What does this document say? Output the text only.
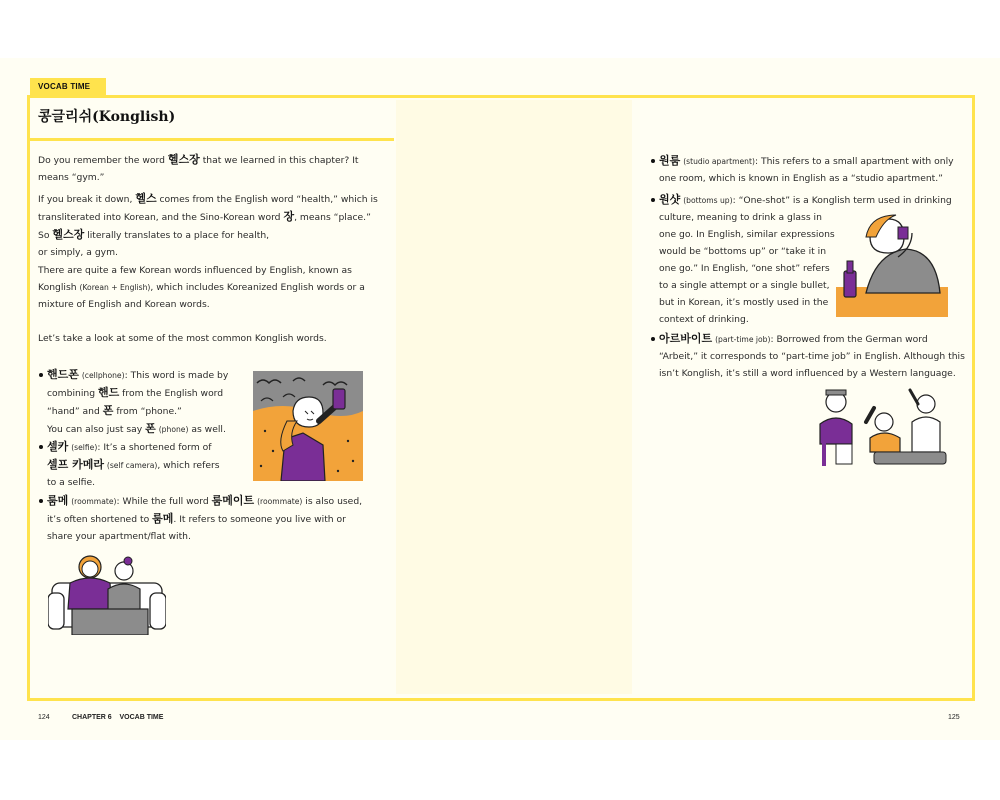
VOCAB TIME
콩글리쉬(Konglish)

Do you remember the word 헬스장 that we learned in this chapter? It
means “gym.”

If you break it down, 헬스 comes from the English word “health,” which is
transliterated into Korean, and the Sino-Korean word 장, means “place.”
So 헬스장 literally translates to a place for health,
or simply, a gym.

There are quite a few Korean words influenced by English, known as
Konglish (Korean + English), which includes Koreanized English words or a
mixture of English and Korean words.

Let’s take a look at some of the most common Konglish words.

핸드폰 (cellphone): This word is made by
combining 핸드 from the English word
“hand” and 폰 from “phone.”
You can also just say 폰 (phone) as well.

셀카 (selfie): It’s a shortened form of
셀프 카메라 (self camera), which refers
to a selfie.

룸메 (roommate): While the full word 룸메이트 (roommate) is also used,
it’s often shortened to 룸메. It refers to someone you live with or
share your apartment/flat with.

원룸 (studio apartment): This refers to a small apartment with only
one room, which is known in English as a “studio apartment.”

원샷 (bottoms up): “One-shot” is a Konglish term used in drinking
culture, meaning to drink a glass in
one go. In English, similar expressions
would be “bottoms up” or “take it in
one go.” In English, “one shot” refers
to a single attempt or a single bullet,
but in Korean, it’s mostly used in the
context of drinking.

아르바이트 (part-time job): Borrowed from the German word
“Arbeit,” it corresponds to “part-time job” in English. Although this
isn’t Konglish, it’s still a word influenced by a Western language.

124	CHAPTER 6 VOCAB TIME	125
